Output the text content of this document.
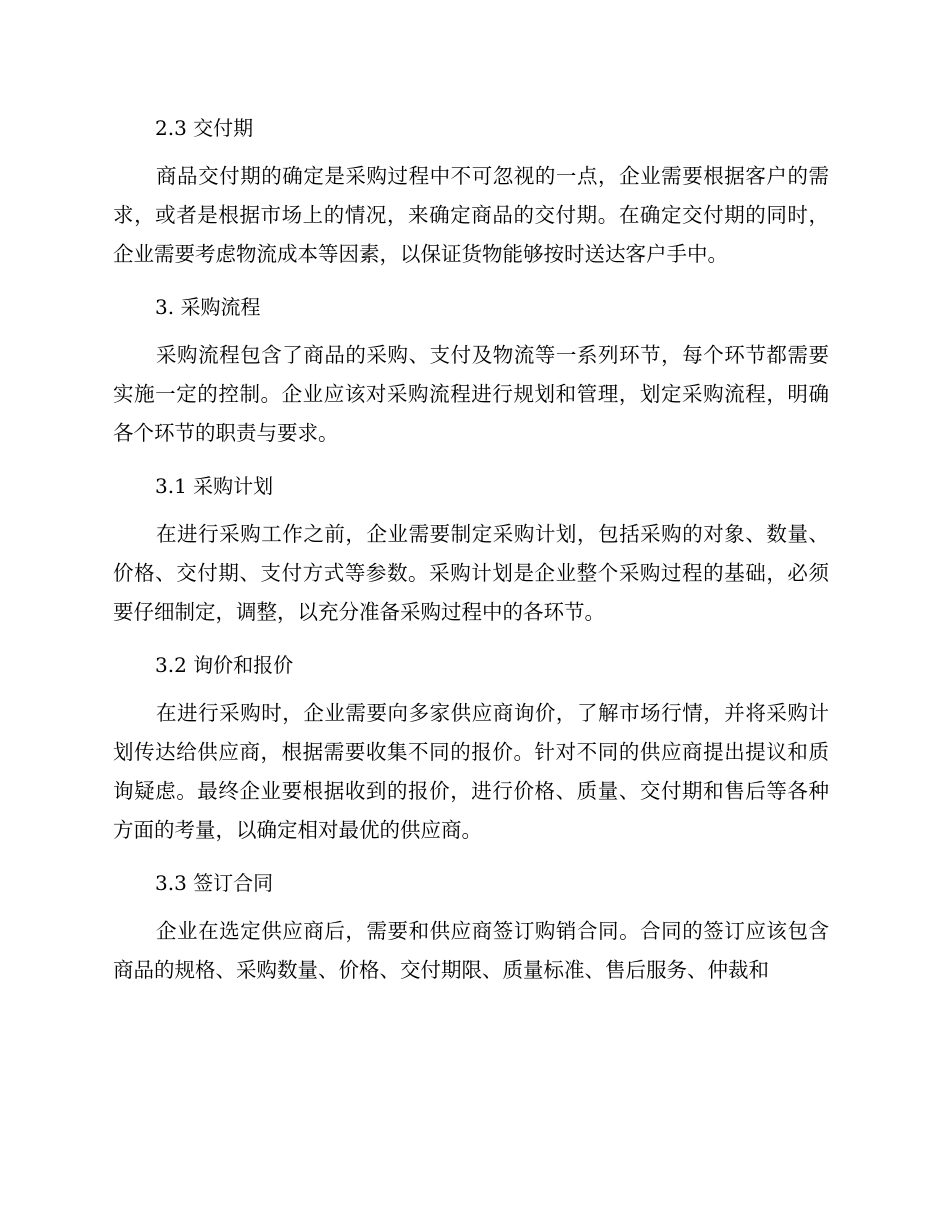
2.3 交付期

商品交付期的确定是采购过程中不可忽视的一点，企业需要根据客户的需求，或者是根据市场上的情况，来确定商品的交付期。在确定交付期的同时，企业需要考虑物流成本等因素，以保证货物能够按时送达客户手中。

3. 采购流程

采购流程包含了商品的采购、支付及物流等一系列环节，每个环节都需要实施一定的控制。企业应该对采购流程进行规划和管理，划定采购流程，明确各个环节的职责与要求。

3.1 采购计划

在进行采购工作之前，企业需要制定采购计划，包括采购的对象、数量、价格、交付期、支付方式等参数。采购计划是企业整个采购过程的基础，必须要仔细制定，调整，以充分准备采购过程中的各环节。

3.2 询价和报价

在进行采购时，企业需要向多家供应商询价，了解市场行情，并将采购计划传达给供应商，根据需要收集不同的报价。针对不同的供应商提出提议和质询疑虑。最终企业要根据收到的报价，进行价格、质量、交付期和售后等各种方面的考量，以确定相对最优的供应商。

3.3 签订合同

企业在选定供应商后，需要和供应商签订购销合同。合同的签订应该包含商品的规格、采购数量、价格、交付期限、质量标准、售后服务、仲裁和
